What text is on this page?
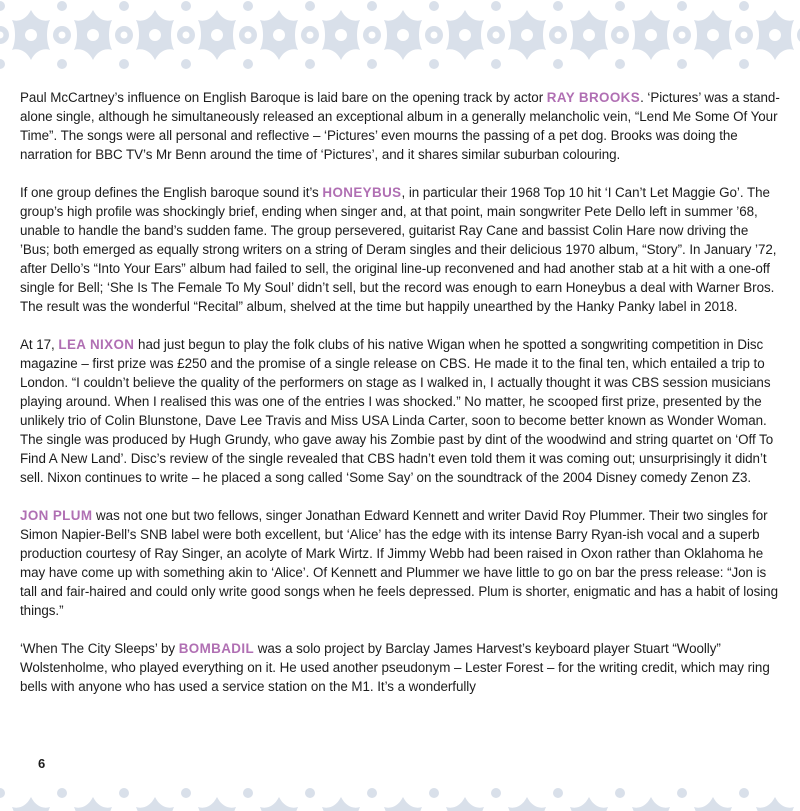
Paul McCartney’s influence on English Baroque is laid bare on the opening track by actor RAY BROOKS. ‘Pictures’ was a stand-alone single, although he simultaneously released an exceptional album in a generally melancholic vein, “Lend Me Some Of Your Time”. The songs were all personal and reflective – ‘Pictures’ even mourns the passing of a pet dog. Brooks was doing the narration for BBC TV’s Mr Benn around the time of ‘Pictures’, and it shares similar suburban colouring.

If one group defines the English baroque sound it’s HONEYBUS, in particular their 1968 Top 10 hit ‘I Can’t Let Maggie Go’. The group’s high profile was shockingly brief, ending when singer and, at that point, main songwriter Pete Dello left in summer ’68, unable to handle the band’s sudden fame. The group persevered, guitarist Ray Cane and bassist Colin Hare now driving the ’Bus; both emerged as equally strong writers on a string of Deram singles and their delicious 1970 album, “Story”. In January ’72, after Dello’s “Into Your Ears” album had failed to sell, the original line-up reconvened and had another stab at a hit with a one-off single for Bell; ‘She Is The Female To My Soul’ didn’t sell, but the record was enough to earn Honeybus a deal with Warner Bros. The result was the wonderful “Recital” album, shelved at the time but happily unearthed by the Hanky Panky label in 2018.

At 17, LEA NIXON had just begun to play the folk clubs of his native Wigan when he spotted a songwriting competition in Disc magazine – first prize was £250 and the promise of a single release on CBS. He made it to the final ten, which entailed a trip to London. “I couldn’t believe the quality of the performers on stage as I walked in, I actually thought it was CBS session musicians playing around. When I realised this was one of the entries I was shocked.” No matter, he scooped first prize, presented by the unlikely trio of Colin Blunstone, Dave Lee Travis and Miss USA Linda Carter, soon to become better known as Wonder Woman. The single was produced by Hugh Grundy, who gave away his Zombie past by dint of the woodwind and string quartet on ‘Off To Find A New Land’. Disc’s review of the single revealed that CBS hadn’t even told them it was coming out; unsurprisingly it didn’t sell. Nixon continues to write – he placed a song called ‘Some Say’ on the soundtrack of the 2004 Disney comedy Zenon Z3.

JON PLUM was not one but two fellows, singer Jonathan Edward Kennett and writer David Roy Plummer. Their two singles for Simon Napier-Bell’s SNB label were both excellent, but ‘Alice’ has the edge with its intense Barry Ryan-ish vocal and a superb production courtesy of Ray Singer, an acolyte of Mark Wirtz. If Jimmy Webb had been raised in Oxon rather than Oklahoma he may have come up with something akin to ‘Alice’. Of Kennett and Plummer we have little to go on bar the press release: “Jon is tall and fair-haired and could only write good songs when he feels depressed. Plum is shorter, enigmatic and has a habit of losing things.”

‘When The City Sleeps’ by BOMBADIL was a solo project by Barclay James Harvest’s keyboard player Stuart “Woolly” Wolstenholme, who played everything on it. He used another pseudonym – Lester Forest – for the writing credit, which may ring bells with anyone who has used a service station on the M1. It’s a wonderfully

6
